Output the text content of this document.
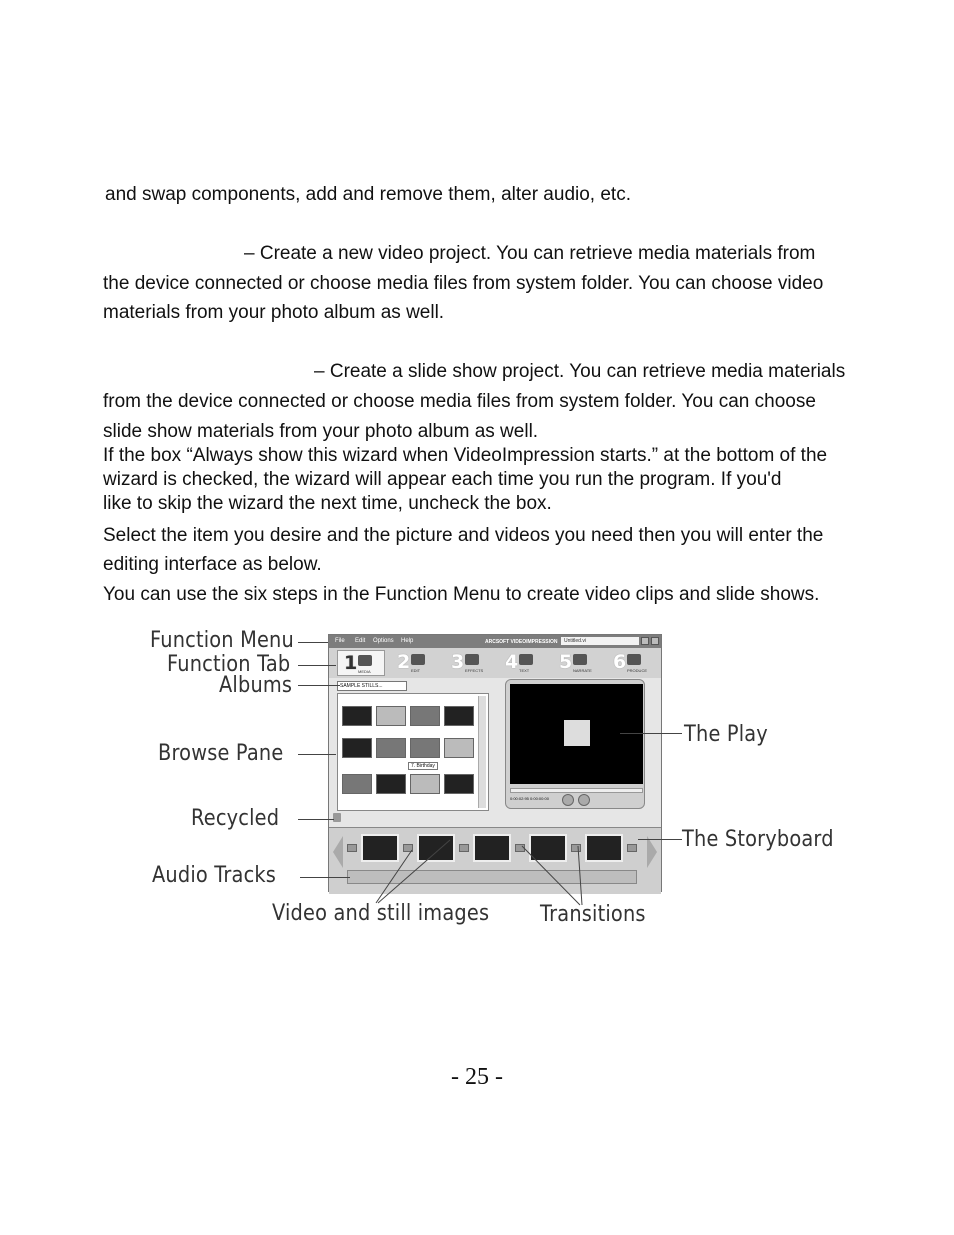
and swap components, add and remove them, alter audio, etc.

– Create a new video project. You can retrieve media materials from

the device connected or choose media files from system folder. You can choose video

materials from your photo album as well.

– Create a slide show project. You can retrieve media materials

from the device connected or choose media files from system folder. You can choose

slide show materials from your photo album as well.

If the box “Always show this wizard when VideoImpression starts.” at the bottom of the

wizard is checked, the wizard will appear each time you run the program. If you'd

like to skip the wizard the next time, uncheck the box.

Select the item you desire and the picture and videos you need then you will enter the

editing interface as below.

You can use the six steps in the Function Menu to create video clips and slide shows.

File Edit Options Help	ARCSOFT VIDEOIMPRESSION	Untitled.vi
1 MEDIA 2 EDIT 3 EFFECTS 4 TEXT 5 NARRATE 6 PRODUCE
SAMPLE STILLS...
7. Birthday
0:00:02:95 0:00:00:00
Function Menu
Function Tab
Albums
Browse Pane
Recycled
Audio Tracks
Video and still images Transitions
The Play
The Storyboard
- 25 -
